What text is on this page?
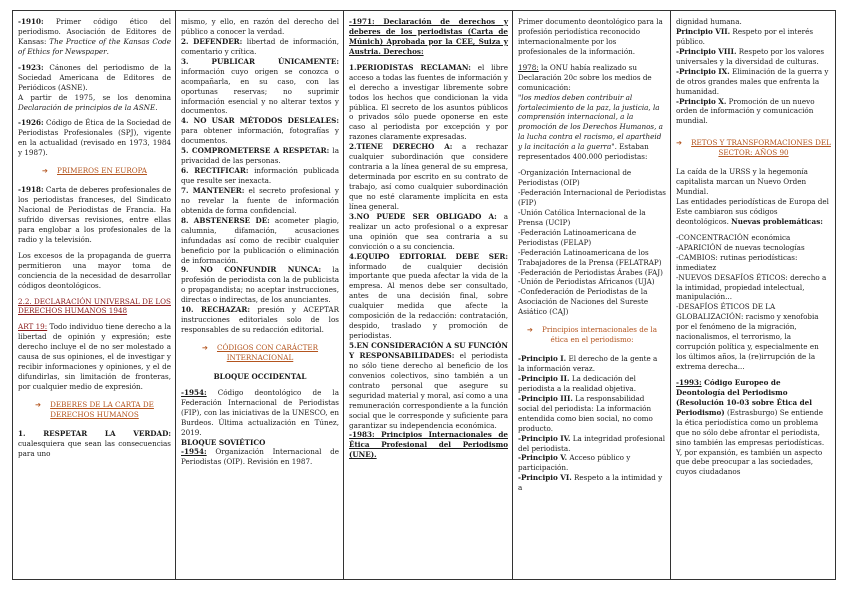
-1910: Primer código ético del periodismo. Asociación de Editores de Kansas: The Practice of the Kansas Code of Ethics for Newspaper.

-1923: Cánones del periodismo de la Sociedad Americana de Editores de Periódicos (ASNE).

A partir de 1975, se los denomina Declaración de principios de la ASNE.

-1926: Código de Ética de la Sociedad de Periodistas Profesionales (SPJ), vigente en la actualidad (revisado en 1973, 1984 y 1987).

➔ PRIMEROS EN EUROPA

-1918: Carta de deberes profesionales de los periodistas franceses, del Sindicato Nacional de Periodistas de Francia. Ha sufrido diversas revisiones, entre ellas para englobar a los profesionales de la radio y la televisión.

Los excesos de la propaganda de guerra permitieron una mayor toma de conciencia de la necesidad de desarrollar códigos deontológicos.

2.2. DECLARACIÓN UNIVERSAL DE LOS DERECHOS HUMANOS 1948

ART 19: Todo individuo tiene derecho a la libertad de opinión y expresión; este derecho incluye el de no ser molestado a causa de sus opiniones, el de investigar y recibir informaciones y opiniones, y el de difundirlas, sin limitación de fronteras, por cualquier medio de expresión.

➔ DEBERES DE LA CARTA DE DERECHOS HUMANOS

1. RESPETAR LA VERDAD: cualesquiera que sean las consecuencias para uno

mismo, y ello, en razón del derecho del público a conocer la verdad.

2. DEFENDER: libertad de información, comentario y crítica.

3. PUBLICAR ÚNICAMENTE: información cuyo origen se conozca o acompañarla, en su caso, con las oportunas reservas; no suprimir información esencial y no alterar textos y documentos.

4. NO USAR MÉTODOS DESLEALES: para obtener información, fotografías y documentos.

5. COMPROMETERSE A RESPETAR: la privacidad de las personas.

6. RECTIFICAR: información publicada que resulte ser inexacta.

7. MANTENER: el secreto profesional y no revelar la fuente de información obtenida de forma confidencial.

8. ABSTENERSE DE: acometer plagio, calumnia, difamación, acusaciones infundadas así como de recibir cualquier beneficio por la publicación o eliminación de información.

9. NO CONFUNDIR NUNCA: la profesión de periodista con la de publicista o propagandista; no aceptar instrucciones, directas o indirectas, de los anunciantes.

10. RECHAZAR: presión y ACEPTAR instrucciones editoriales solo de los responsables de su redacción editorial.

➔ CÓDIGOS CON CARÁCTER INTERNACIONAL

BLOQUE OCCIDENTAL

-1954: Código deontológico de la Federación Internacional de Periodistas (FIP), con las iniciativas de la UNESCO, en Burdeos. Última actualización en Túnez, 2019.

BLOQUE SOVIÉTICO

-1954: Organización Internacional de Periodistas (OIP). Revisión en 1987.

-1971: Declaración de derechos y deberes de los periodistas (Carta de Múnich) Aprobada por la CEE, Suiza y Austria. Derechos:

1.PERIODISTAS RECLAMAN: el libre acceso a todas las fuentes de información y el derecho a investigar libremente sobre todos los hechos que condicionan la vida pública. El secreto de los asuntos públicos o privados sólo puede oponerse en este caso al periodista por excepción y por razones claramente expresadas.

2.TIENE DERECHO A: a rechazar cualquier subordinación que considere contraria a la línea general de su empresa, determinada por escrito en su contrato de trabajo, así como cualquier subordinación que no esté claramente implícita en esta línea general.

3.NO PUEDE SER OBLIGADO A: a realizar un acto profesional o a expresar una opinión que sea contraria a su convicción o a su conciencia.

4.EQUIPO EDITORIAL DEBE SER: informado de cualquier decisión importante que pueda afectar la vida de la empresa. Al menos debe ser consultado, antes de una decisión final, sobre cualquier medida que afecte la composición de la redacción: contratación, despido, traslado y promoción de periodistas.

5.EN CONSIDERACIÓN A SU FUNCIÓN Y RESPONSABILIDADES: el periodista no sólo tiene derecho al beneficio de los convenios colectivos, sino también a un contrato personal que asegure su seguridad material y moral, así como a una remuneración correspondiente a la función social que le corresponde y suficiente para garantizar su independencia económica.

-1983: Principios Internacionales de Ética Profesional del Periodismo (UNE).

Primer documento deontológico para la profesión periodística reconocido internacionalmente por los profesionales de la información.

1978: la ONU había realizado su Declaración 20c sobre los medios de comunicación:

"los medios deben contribuir al fortalecimiento de la paz, la justicia, la comprensión internacional, a la promoción de los Derechos Humanos, a la lucha contra el racismo, el apartheid y la incitación a la guerra". Estaban representados 400.000 periodistas:

-Organización Internacional de Periodistas (OIP)

-Federación Internacional de Periodistas (FIP)

-Unión Católica Internacional de la Prensa (UCIP)

-Federación Latinoamericana de Periodistas (FELAP)

-Federación Latinoamericana de los Trabajadores de la Prensa (FELATRAP)

-Federación de Periodistas Árabes (FAJ)

-Unión de Periodistas Africanos (UJA)

-Confederación de Periodistas de la Asociación de Naciones del Sureste Asiático (CAJ)

➔ Principios internacionales de la ética en el periodismo:

-Principio I. El derecho de la gente a la información veraz.

-Principio II. La dedicación del periodista a la realidad objetiva.

-Principio III. La responsabilidad social del periodista: La información entendida como bien social, no como producto.

-Principio IV. La integridad profesional del periodista.

-Principio V. Acceso público y participación.

-Principio VI. Respeto a la intimidad y a

dignidad humana.

Principio VII. Respeto por el interés público.

-Principio VIII. Respeto por los valores universales y la diversidad de culturas.

-Principio IX. Eliminación de la guerra y de otros grandes males que enfrenta la humanidad.

-Principio X. Promoción de un nuevo orden de información y comunicación mundial.

➔ RETOS Y TRANSFORMACIONES DEL SECTOR: AÑOS 90

La caída de la URSS y la hegemonía capitalista marcan un Nuevo Orden Mundial.

Las entidades periodísticas de Europa del Este cambiaron sus códigos deontológicos. Nuevas problemáticas:

-CONCENTRACIÓN económica

-APARICIÓN de nuevas tecnologías

-CAMBIOS: rutinas periodísticas: inmediatez

-NUEVOS DESAFÍOS ÉTICOS: derecho a la intimidad, propiedad intelectual, manipulación...

-DESAFÍOS ÉTICOS DE LA GLOBALIZACIÓN: racismo y xenofobia por el fenómeno de la migración, nacionalismos, el terrorismo, la corrupción política y, especialmente en los últimos años, la (re)irrupción de la extrema derecha...

-1993: Código Europeo de Deontología del Periodismo (Resolución 10-03 sobre Ética del Periodismo) (Estrasburgo) Se entiende la ética periodística como un problema que no sólo debe afrontar el periodista, sino también las empresas periodísticas. Y, por expansión, es también un aspecto que debe preocupar a las sociedades, cuyos ciudadanos
